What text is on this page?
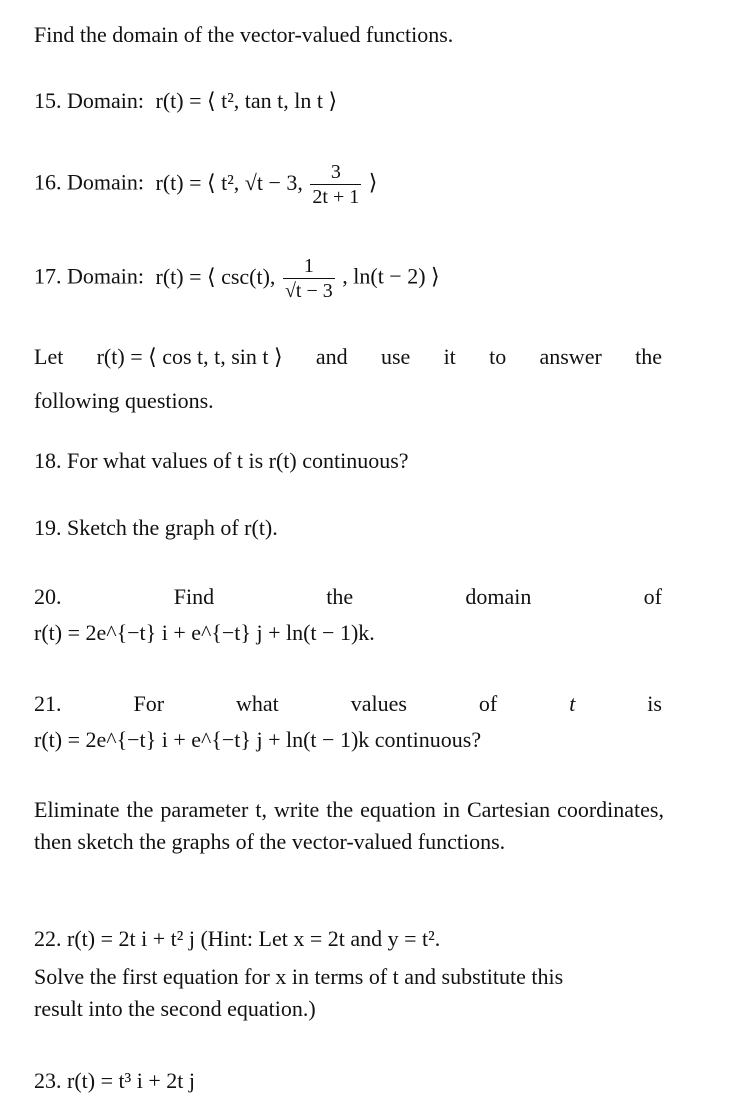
Find the domain of the vector-valued functions.
15. Domain: r(t) = ⟨ t², tan t, ln t ⟩
16. Domain: r(t) = ⟨ t², √t − 3, $\frac{3}{2t + 1}$ ⟩
17. Domain: r(t) = ⟨ csc(t), $\frac{1}{√t - 3}$ , ln(t − 2) ⟩
Let r(t) = ⟨ cos t, t, sin t ⟩ and use it to answer the
following questions.
18. For what values of t is r(t) continuous?
19. Sketch the graph of r(t).
20.	Find	the	domain	of
r(t) = 2e^{−t} i + e^{−t} j + ln(t − 1)k.
21.	For	what	values	of	t	is
r(t) = 2e^{−t} i + e^{−t} j + ln(t − 1)k continuous?
Eliminate the parameter t, write the equation in Cartesian coordinates, then sketch the graphs of the vector-valued functions.
22. r(t) = 2t i + t² j (Hint: Let x = 2t and y = t².
Solve the first equation for x in terms of t and substitute this
result into the second equation.)
23. r(t) = t³ i + 2t j
